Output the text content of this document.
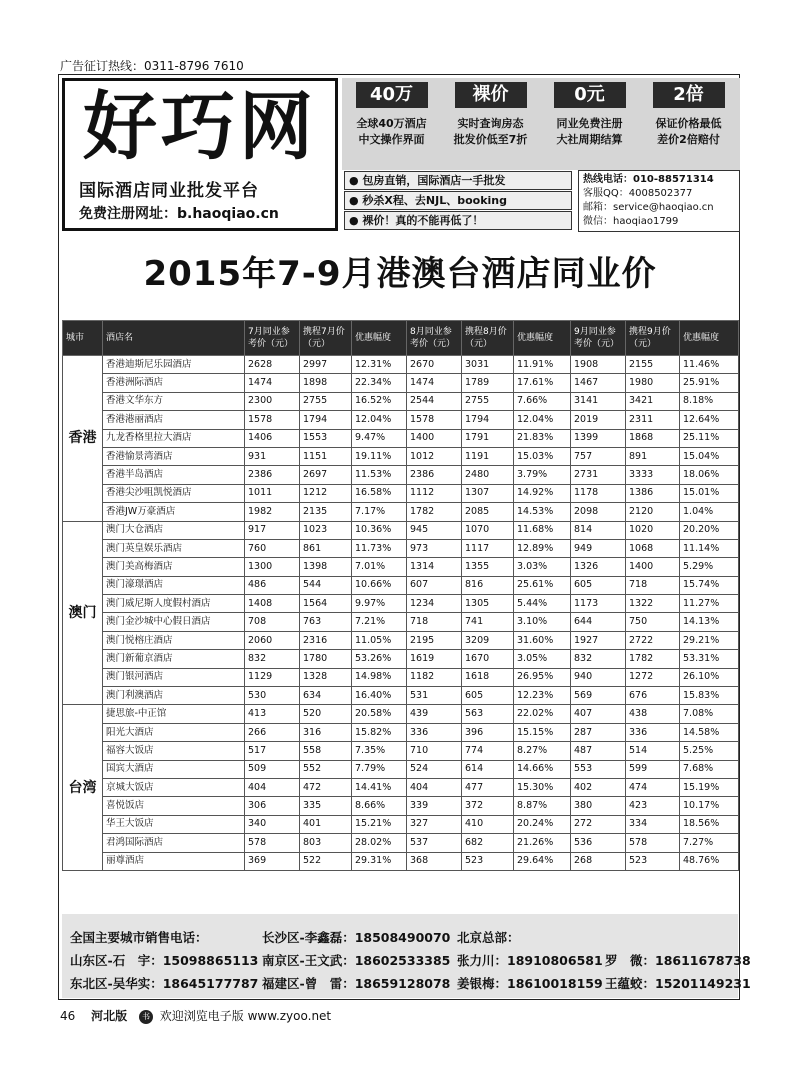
广告征订热线：0311-8796 7610
好巧网
国际酒店同业批发平台
免费注册网址：b.haoqiao.cn
40万
全球40万酒店
中文操作界面
裸价
实时查询房态
批发价低至7折
0元
同业免费注册
大社周期结算
2倍
保证价格最低
差价2倍赔付
● 包房直销，国际酒店一手批发
● 秒杀X程、去NJL、booking
● 裸价！真的不能再低了！
热线电话：010-88571314
客服QQ：4008502377
邮箱：service@haoqiao.cn
微信：haoqiao1799
2015年7-9月港澳台酒店同业价
城市	酒店名	7月同业参考价（元）	携程7月价（元）	优惠幅度	8月同业参考价（元）	携程8月价（元）	优惠幅度	9月同业参考价（元）	携程9月价（元）	优惠幅度
香港	香港迪斯尼乐园酒店	2628	2997	12.31%	2670	3031	11.91%	1908	2155	11.46%
	香港洲际酒店	1474	1898	22.34%	1474	1789	17.61%	1467	1980	25.91%
	香港文华东方	2300	2755	16.52%	2544	2755	7.66%	3141	3421	8.18%
	香港港丽酒店	1578	1794	12.04%	1578	1794	12.04%	2019	2311	12.64%
	九龙香格里拉大酒店	1406	1553	9.47%	1400	1791	21.83%	1399	1868	25.11%
	香港愉景湾酒店	931	1151	19.11%	1012	1191	15.03%	757	891	15.04%
	香港半岛酒店	2386	2697	11.53%	2386	2480	3.79%	2731	3333	18.06%
	香港尖沙咀凯悦酒店	1011	1212	16.58%	1112	1307	14.92%	1178	1386	15.01%
	香港JW万豪酒店	1982	2135	7.17%	1782	2085	14.53%	2098	2120	1.04%
澳门	澳门大仓酒店	917	1023	10.36%	945	1070	11.68%	814	1020	20.20%
	澳门英皇娱乐酒店	760	861	11.73%	973	1117	12.89%	949	1068	11.14%
	澳门美高梅酒店	1300	1398	7.01%	1314	1355	3.03%	1326	1400	5.29%
	澳门濠璟酒店	486	544	10.66%	607	816	25.61%	605	718	15.74%
	澳门威尼斯人度假村酒店	1408	1564	9.97%	1234	1305	5.44%	1173	1322	11.27%
	澳门金沙城中心假日酒店	708	763	7.21%	718	741	3.10%	644	750	14.13%
	澳门悦榕庄酒店	2060	2316	11.05%	2195	3209	31.60%	1927	2722	29.21%
	澳门新葡京酒店	832	1780	53.26%	1619	1670	3.05%	832	1782	53.31%
	澳门银河酒店	1129	1328	14.98%	1182	1618	26.95%	940	1272	26.10%
	澳门利澳酒店	530	634	16.40%	531	605	12.23%	569	676	15.83%
台湾	捷思旅-中正馆	413	520	20.58%	439	563	22.02%	407	438	7.08%
	阳光大酒店	266	316	15.82%	336	396	15.15%	287	336	14.58%
	福容大饭店	517	558	7.35%	710	774	8.27%	487	514	5.25%
	国宾大酒店	509	552	7.79%	524	614	14.66%	553	599	7.68%
	京城大饭店	404	472	14.41%	404	477	15.30%	402	474	15.19%
	喜悦饭店	306	335	8.66%	339	372	8.87%	380	423	10.17%
	华王大饭店	340	401	15.21%	327	410	20.24%	272	334	18.56%
	君鸿国际酒店	578	803	28.02%	537	682	21.26%	536	578	7.27%
	丽尊酒店	369	522	29.31%	368	523	29.64%	268	523	48.76%
全国主要城市销售电话：	长沙区-李鑫磊：18508490070 北京总部：
山东区-石　宇：15098865113 南京区-王文武：18602533385 张力川：18910806581 罗　微：18611678738
东北区-吴华实：18645177787 福建区-曾　雷：18659128078 姜银梅：18610018159 王蕴蛟：15201149231
46 河北版 书 欢迎浏览电子版 www.zyoo.net
